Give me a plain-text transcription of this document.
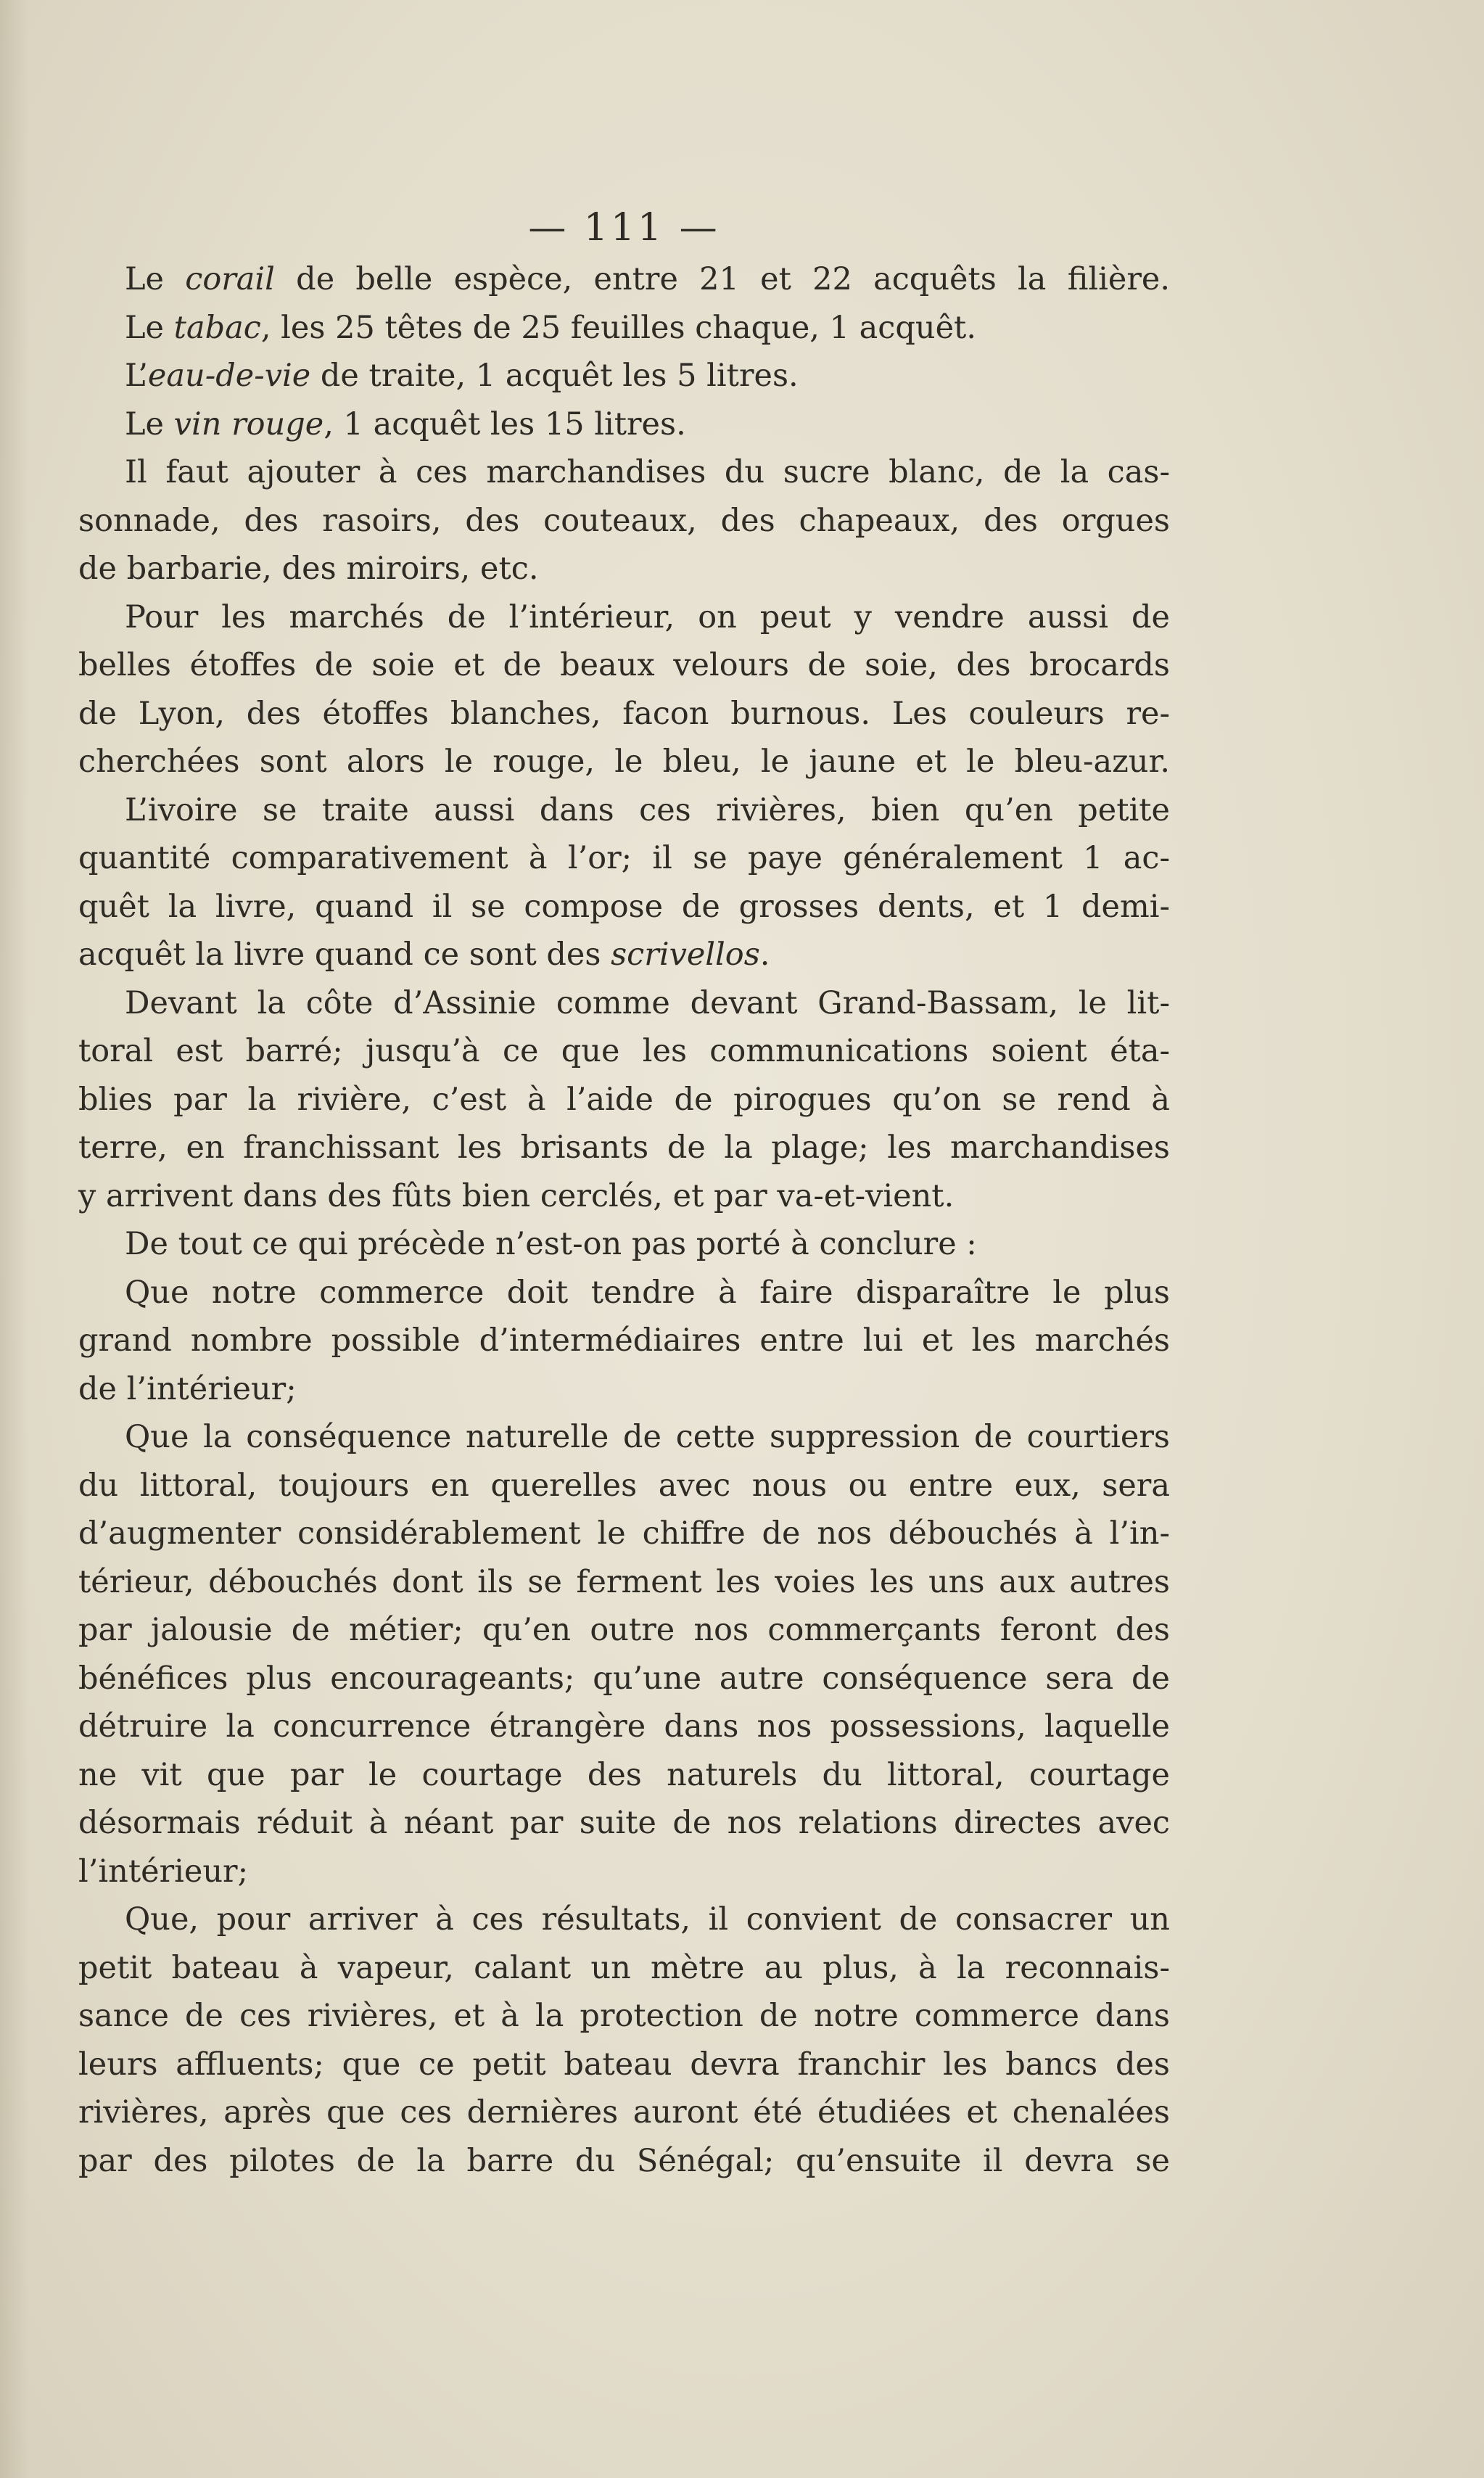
— 111 —
Le corail de belle espèce, entre 21 et 22 acquêts la filière.
Le tabac, les 25 têtes de 25 feuilles chaque, 1 acquêt.
L’eau-de-vie de traite, 1 acquêt les 5 litres.
Le vin rouge, 1 acquêt les 15 litres.
Il faut ajouter à ces marchandises du sucre blanc, de la cas-
sonnade, des rasoirs, des couteaux, des chapeaux, des orgues
de barbarie, des miroirs, etc.
Pour les marchés de l’intérieur, on peut y vendre aussi de
belles étoffes de soie et de beaux velours de soie, des brocards
de Lyon, des étoffes blanches, facon burnous. Les couleurs re-
cherchées sont alors le rouge, le bleu, le jaune et le bleu-azur.
L’ivoire se traite aussi dans ces rivières, bien qu’en petite
quantité comparativement à l’or; il se paye généralement 1 ac-
quêt la livre, quand il se compose de grosses dents, et 1 demi-
acquêt la livre quand ce sont des scrivellos.
Devant la côte d’Assinie comme devant Grand-Bassam, le lit-
toral est barré; jusqu’à ce que les communications soient éta-
blies par la rivière, c’est à l’aide de pirogues qu’on se rend à
terre, en franchissant les brisants de la plage; les marchandises
y arrivent dans des fûts bien cerclés, et par va-et-vient.
De tout ce qui précède n’est-on pas porté à conclure :
Que notre commerce doit tendre à faire disparaître le plus
grand nombre possible d’intermédiaires entre lui et les marchés
de l’intérieur;
Que la conséquence naturelle de cette suppression de courtiers
du littoral, toujours en querelles avec nous ou entre eux, sera
d’augmenter considérablement le chiffre de nos débouchés à l’in-
térieur, débouchés dont ils se ferment les voies les uns aux autres
par jalousie de métier; qu’en outre nos commerçants feront des
bénéfices plus encourageants; qu’une autre conséquence sera de
détruire la concurrence étrangère dans nos possessions, laquelle
ne vit que par le courtage des naturels du littoral, courtage
désormais réduit à néant par suite de nos relations directes avec
l’intérieur;
Que, pour arriver à ces résultats, il convient de consacrer un
petit bateau à vapeur, calant un mètre au plus, à la reconnais-
sance de ces rivières, et à la protection de notre commerce dans
leurs affluents; que ce petit bateau devra franchir les bancs des
rivières, après que ces dernières auront été étudiées et chenalées
par des pilotes de la barre du Sénégal; qu’ensuite il devra se
